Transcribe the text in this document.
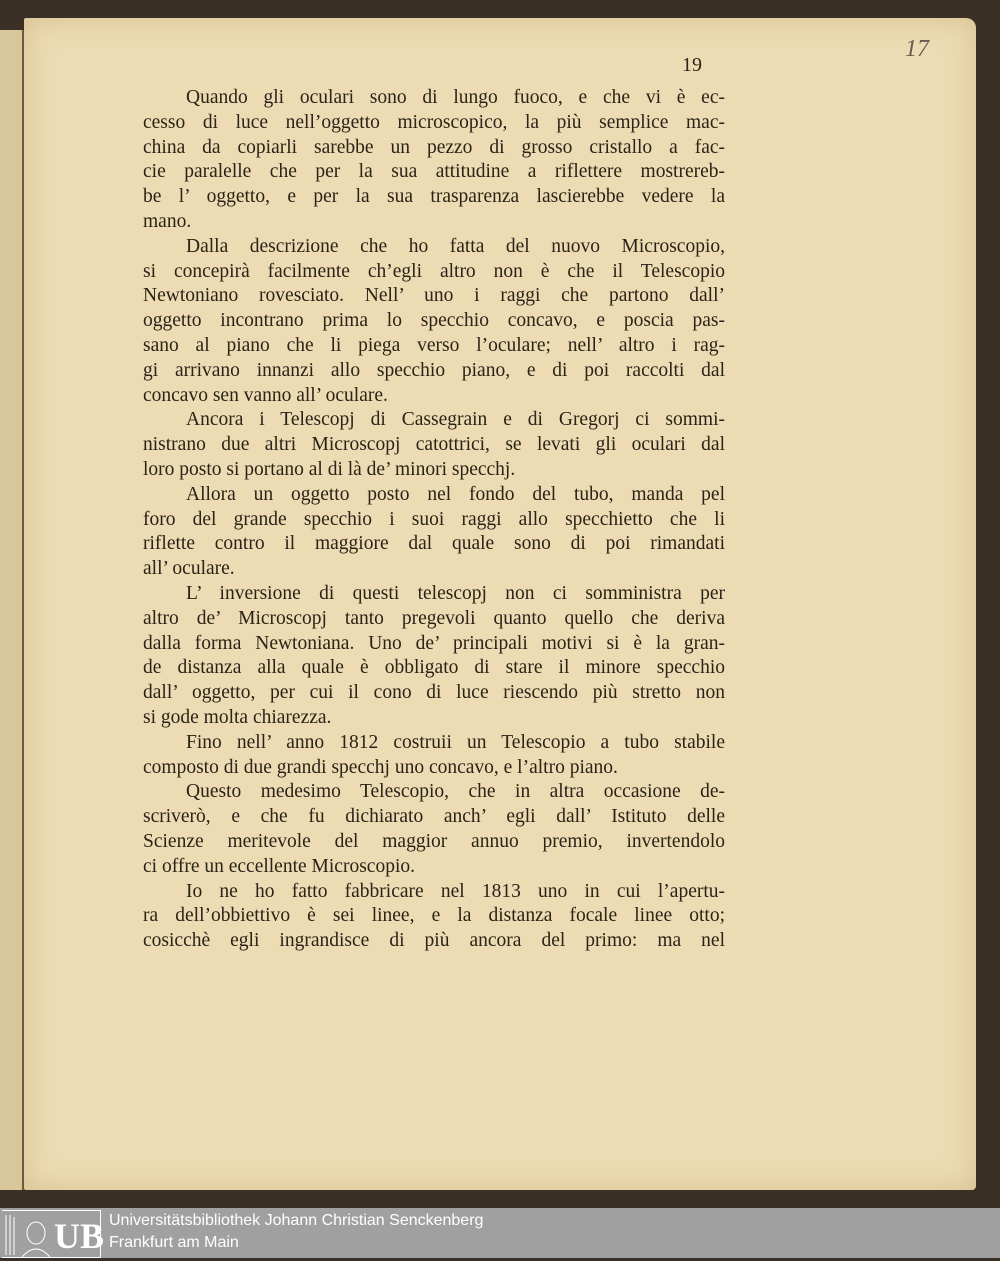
19
17
Quando gli oculari sono di lungo fuoco, e che vi è ec-
cesso di luce nell’oggetto microscopico, la più semplice mac-
china da copiarli sarebbe un pezzo di grosso cristallo a fac-
cie paralelle che per la sua attitudine a riflettere mostrereb-
be l’ oggetto, e per la sua trasparenza lascierebbe vedere la
mano.
Dalla descrizione che ho fatta del nuovo Microscopio,
si concepirà facilmente ch’egli altro non è che il Telescopio
Newtoniano rovesciato. Nell’ uno i raggi che partono dall’
oggetto incontrano prima lo specchio concavo, e poscia pas-
sano al piano che li piega verso l’oculare; nell’ altro i rag-
gi arrivano innanzi allo specchio piano, e di poi raccolti dal
concavo sen vanno all’ oculare.
Ancora i Telescopj di Cassegrain e di Gregorj ci sommi-
nistrano due altri Microscopj catottrici, se levati gli oculari dal
loro posto si portano al di là de’ minori specchj.
Allora un oggetto posto nel fondo del tubo, manda pel
foro del grande specchio i suoi raggi allo specchietto che li
riflette contro il maggiore dal quale sono di poi rimandati
all’ oculare.
L’ inversione di questi telescopj non ci somministra per
altro de’ Microscopj tanto pregevoli quanto quello che deriva
dalla forma Newtoniana. Uno de’ principali motivi si è la gran-
de distanza alla quale è obbligato di stare il minore specchio
dall’ oggetto, per cui il cono di luce riescendo più stretto non
si gode molta chiarezza.
Fino nell’ anno 1812 costruii un Telescopio a tubo stabile
composto di due grandi specchj uno concavo, e l’altro piano.
Questo medesimo Telescopio, che in altra occasione de-
scriverò, e che fu dichiarato anch’ egli dall’ Istituto delle
Scienze meritevole del maggior annuo premio, invertendolo
ci offre un eccellente Microscopio.
Io ne ho fatto fabbricare nel 1813 uno in cui l’apertu-
ra dell’obbiettivo è sei linee, e la distanza focale linee otto;
cosicchè egli ingrandisce di più ancora del primo: ma nel
UB Universitätsbibliothek Johann Christian Senckenberg
Frankfurt am Main
